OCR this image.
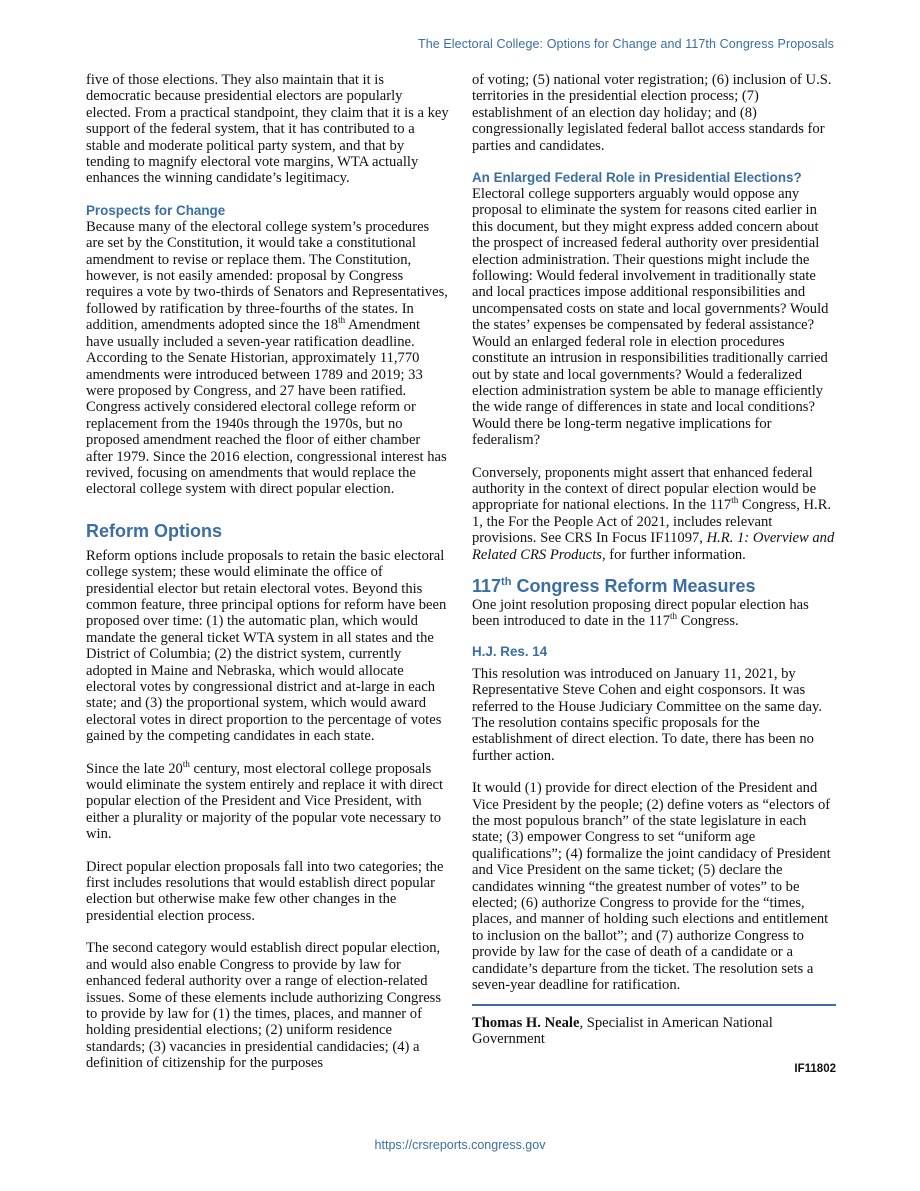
The Electoral College: Options for Change and 117th Congress Proposals

five of those elections. They also maintain that it is democratic because presidential electors are popularly elected. From a practical standpoint, they claim that it is a key support of the federal system, that it has contributed to a stable and moderate political party system, and that by tending to magnify electoral vote margins, WTA actually enhances the winning candidate’s legitimacy.

Prospects for Change

Because many of the electoral college system’s procedures are set by the Constitution, it would take a constitutional amendment to revise or replace them. The Constitution, however, is not easily amended: proposal by Congress requires a vote by two-thirds of Senators and Representatives, followed by ratification by three-fourths of the states. In addition, amendments adopted since the 18th Amendment have usually included a seven-year ratification deadline. According to the Senate Historian, approximately 11,770 amendments were introduced between 1789 and 2019; 33 were proposed by Congress, and 27 have been ratified. Congress actively considered electoral college reform or replacement from the 1940s through the 1970s, but no proposed amendment reached the floor of either chamber after 1979. Since the 2016 election, congressional interest has revived, focusing on amendments that would replace the electoral college system with direct popular election.

Reform Options

Reform options include proposals to retain the basic electoral college system; these would eliminate the office of presidential elector but retain electoral votes. Beyond this common feature, three principal options for reform have been proposed over time: (1) the automatic plan, which would mandate the general ticket WTA system in all states and the District of Columbia; (2) the district system, currently adopted in Maine and Nebraska, which would allocate electoral votes by congressional district and at-large in each state; and (3) the proportional system, which would award electoral votes in direct proportion to the percentage of votes gained by the competing candidates in each state.

Since the late 20th century, most electoral college proposals would eliminate the system entirely and replace it with direct popular election of the President and Vice President, with either a plurality or majority of the popular vote necessary to win.

Direct popular election proposals fall into two categories; the first includes resolutions that would establish direct popular election but otherwise make few other changes in the presidential election process.

The second category would establish direct popular election, and would also enable Congress to provide by law for enhanced federal authority over a range of election-related issues. Some of these elements include authorizing Congress to provide by law for (1) the times, places, and manner of holding presidential elections; (2) uniform residence standards; (3) vacancies in presidential candidacies; (4) a definition of citizenship for the purposes

of voting; (5) national voter registration; (6) inclusion of U.S. territories in the presidential election process; (7) establishment of an election day holiday; and (8) congressionally legislated federal ballot access standards for parties and candidates.

An Enlarged Federal Role in Presidential Elections?

Electoral college supporters arguably would oppose any proposal to eliminate the system for reasons cited earlier in this document, but they might express added concern about the prospect of increased federal authority over presidential election administration. Their questions might include the following: Would federal involvement in traditionally state and local practices impose additional responsibilities and uncompensated costs on state and local governments? Would the states’ expenses be compensated by federal assistance? Would an enlarged federal role in election procedures constitute an intrusion in responsibilities traditionally carried out by state and local governments? Would a federalized election administration system be able to manage efficiently the wide range of differences in state and local conditions? Would there be long-term negative implications for federalism?

Conversely, proponents might assert that enhanced federal authority in the context of direct popular election would be appropriate for national elections. In the 117th Congress, H.R. 1, the For the People Act of 2021, includes relevant provisions. See CRS In Focus IF11097, H.R. 1: Overview and Related CRS Products, for further information.

117th Congress Reform Measures

One joint resolution proposing direct popular election has been introduced to date in the 117th Congress.

H.J. Res. 14

This resolution was introduced on January 11, 2021, by Representative Steve Cohen and eight cosponsors. It was referred to the House Judiciary Committee on the same day. The resolution contains specific proposals for the establishment of direct election. To date, there has been no further action.

It would (1) provide for direct election of the President and Vice President by the people; (2) define voters as “electors of the most populous branch” of the state legislature in each state; (3) empower Congress to set “uniform age qualifications”; (4) formalize the joint candidacy of President and Vice President on the same ticket; (5) declare the candidates winning “the greatest number of votes” to be elected; (6) authorize Congress to provide for the “times, places, and manner of holding such elections and entitlement to inclusion on the ballot”; and (7) authorize Congress to provide by law for the case of death of a candidate or a candidate’s departure from the ticket. The resolution sets a seven-year deadline for ratification.

Thomas H. Neale, Specialist in American National Government

IF11802
https://crsreports.congress.gov
